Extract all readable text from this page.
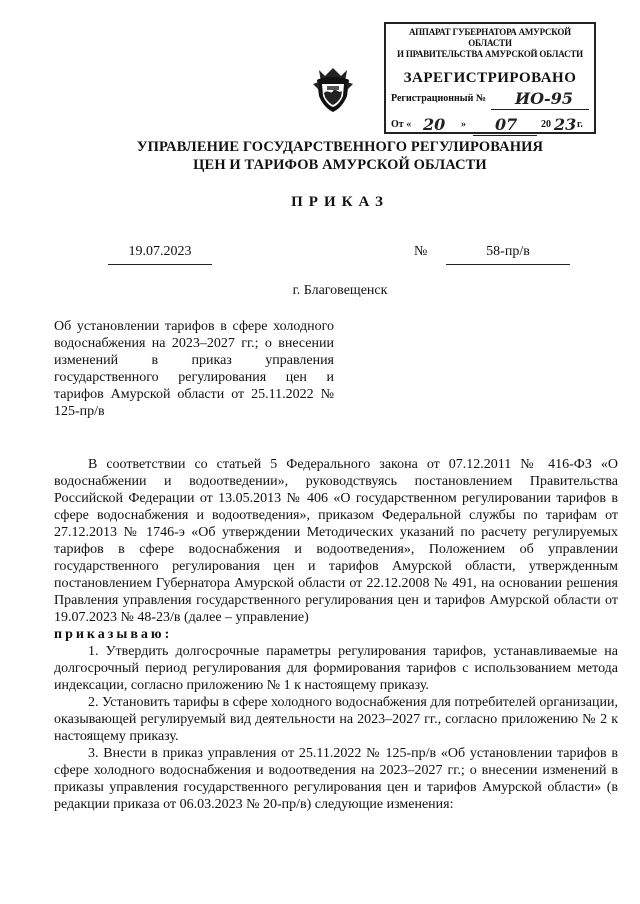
АППАРАТ ГУБЕРНАТОРА АМУРСКОЙ ОБЛАСТИ
И ПРАВИТЕЛЬСТВА АМУРСКОЙ ОБЛАСТИ
ЗАРЕГИСТРИРОВАНО
Регистрационный № ИО-95
От « 20 » 07 20 23 г.
УПРАВЛЕНИЕ ГОСУДАРСТВЕННОГО РЕГУЛИРОВАНИЯ
ЦЕН И ТАРИФОВ АМУРСКОЙ ОБЛАСТИ
ПРИКАЗ
19.07.2023	№	58-пр/в
г. Благовещенск
Об установлении тарифов в сфере холодного водоснабжения на 2023–2027 гг.; о внесении изменений в приказ управления государственного регулирования цен и тарифов Амурской области от 25.11.2022 № 125-пр/в

В соответствии со статьей 5 Федерального закона от 07.12.2011 № 416-ФЗ «О водоснабжении и водоотведении», руководствуясь постановлением Правительства Российской Федерации от 13.05.2013 № 406 «О государственном регулировании тарифов в сфере водоснабжения и водоотведения», приказом Федеральной службы по тарифам от 27.12.2013 № 1746-э «Об утверждении Методических указаний по расчету регулируемых тарифов в сфере водоснабжения и водоотведения», Положением об управлении государственного регулирования цен и тарифов Амурской области, утвержденным постановлением Губернатора Амурской области от 22.12.2008 № 491, на основании решения Правления управления государственного регулирования цен и тарифов Амурской области от 19.07.2023 № 48-23/в (далее – управление)

приказываю:

1. Утвердить долгосрочные параметры регулирования тарифов, устанавливаемые на долгосрочный период регулирования для формирования тарифов с использованием метода индексации, согласно приложению № 1 к настоящему приказу.

2. Установить тарифы в сфере холодного водоснабжения для потребителей организации, оказывающей регулируемый вид деятельности на 2023–2027 гг., согласно приложению № 2 к настоящему приказу.

3. Внести в приказ управления от 25.11.2022 № 125-пр/в «Об установлении тарифов в сфере холодного водоснабжения и водоотведения на 2023–2027 гг.; о внесении изменений в приказы управления государственного регулирования цен и тарифов Амурской области» (в редакции приказа от 06.03.2023 № 20-пр/в) следующие изменения:
